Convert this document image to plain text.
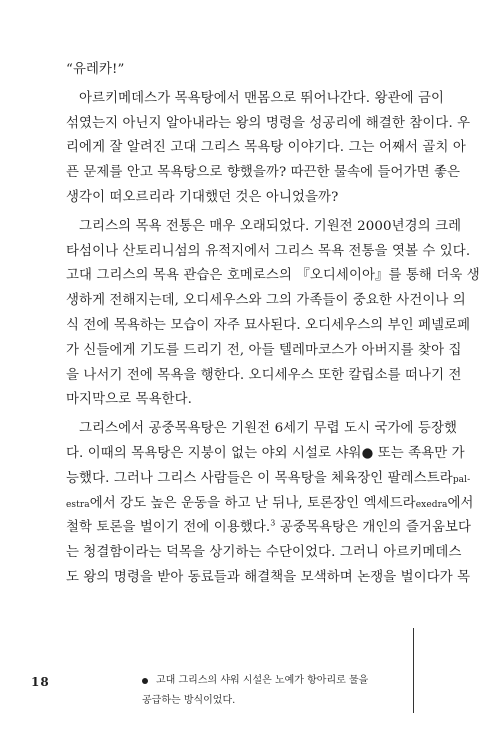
“유레카!”
아르키메데스가 목욕탕에서 맨몸으로 뛰어나간다. 왕관에 금이
섞였는지 아닌지 알아내라는 왕의 명령을 성공리에 해결한 참이다. 우
리에게 잘 알려진 고대 그리스 목욕탕 이야기다. 그는 어째서 골치 아
픈 문제를 안고 목욕탕으로 향했을까? 따끈한 물속에 들어가면 좋은
생각이 떠오르리라 기대했던 것은 아니었을까?
그리스의 목욕 전통은 매우 오래되었다. 기원전 2000년경의 크레
타섬이나 산토리니섬의 유적지에서 그리스 목욕 전통을 엿볼 수 있다.
고대 그리스의 목욕 관습은 호메로스의 『오디세이아』를 통해 더욱 생
생하게 전해지는데, 오디세우스와 그의 가족들이 중요한 사건이나 의
식 전에 목욕하는 모습이 자주 묘사된다. 오디세우스의 부인 페넬로페
가 신들에게 기도를 드리기 전, 아들 텔레마코스가 아버지를 찾아 집
을 나서기 전에 목욕을 행한다. 오디세우스 또한 칼립소를 떠나기 전
마지막으로 목욕한다.
그리스에서 공중목욕탕은 기원전 6세기 무렵 도시 국가에 등장했
다. 이때의 목욕탕은 지붕이 없는 야외 시설로 샤워● 또는 족욕만 가
능했다. 그러나 그리스 사람들은 이 목욕탕을 체육장인 팔레스트라pal-
estra에서 강도 높은 운동을 하고 난 뒤나, 토론장인 엑세드라exedra에서
철학 토론을 벌이기 전에 이용했다.$^3$ 공중목욕탕은 개인의 즐거움보다
는 청결함이라는 덕목을 상기하는 수단이었다. 그러니 아르키메데스
도 왕의 명령을 받아 동료들과 해결책을 모색하며 논쟁을 벌이다가 목
18	고대 그리스의 샤워 시설은 노예가 항아리로 물을
공급하는 방식이었다.
